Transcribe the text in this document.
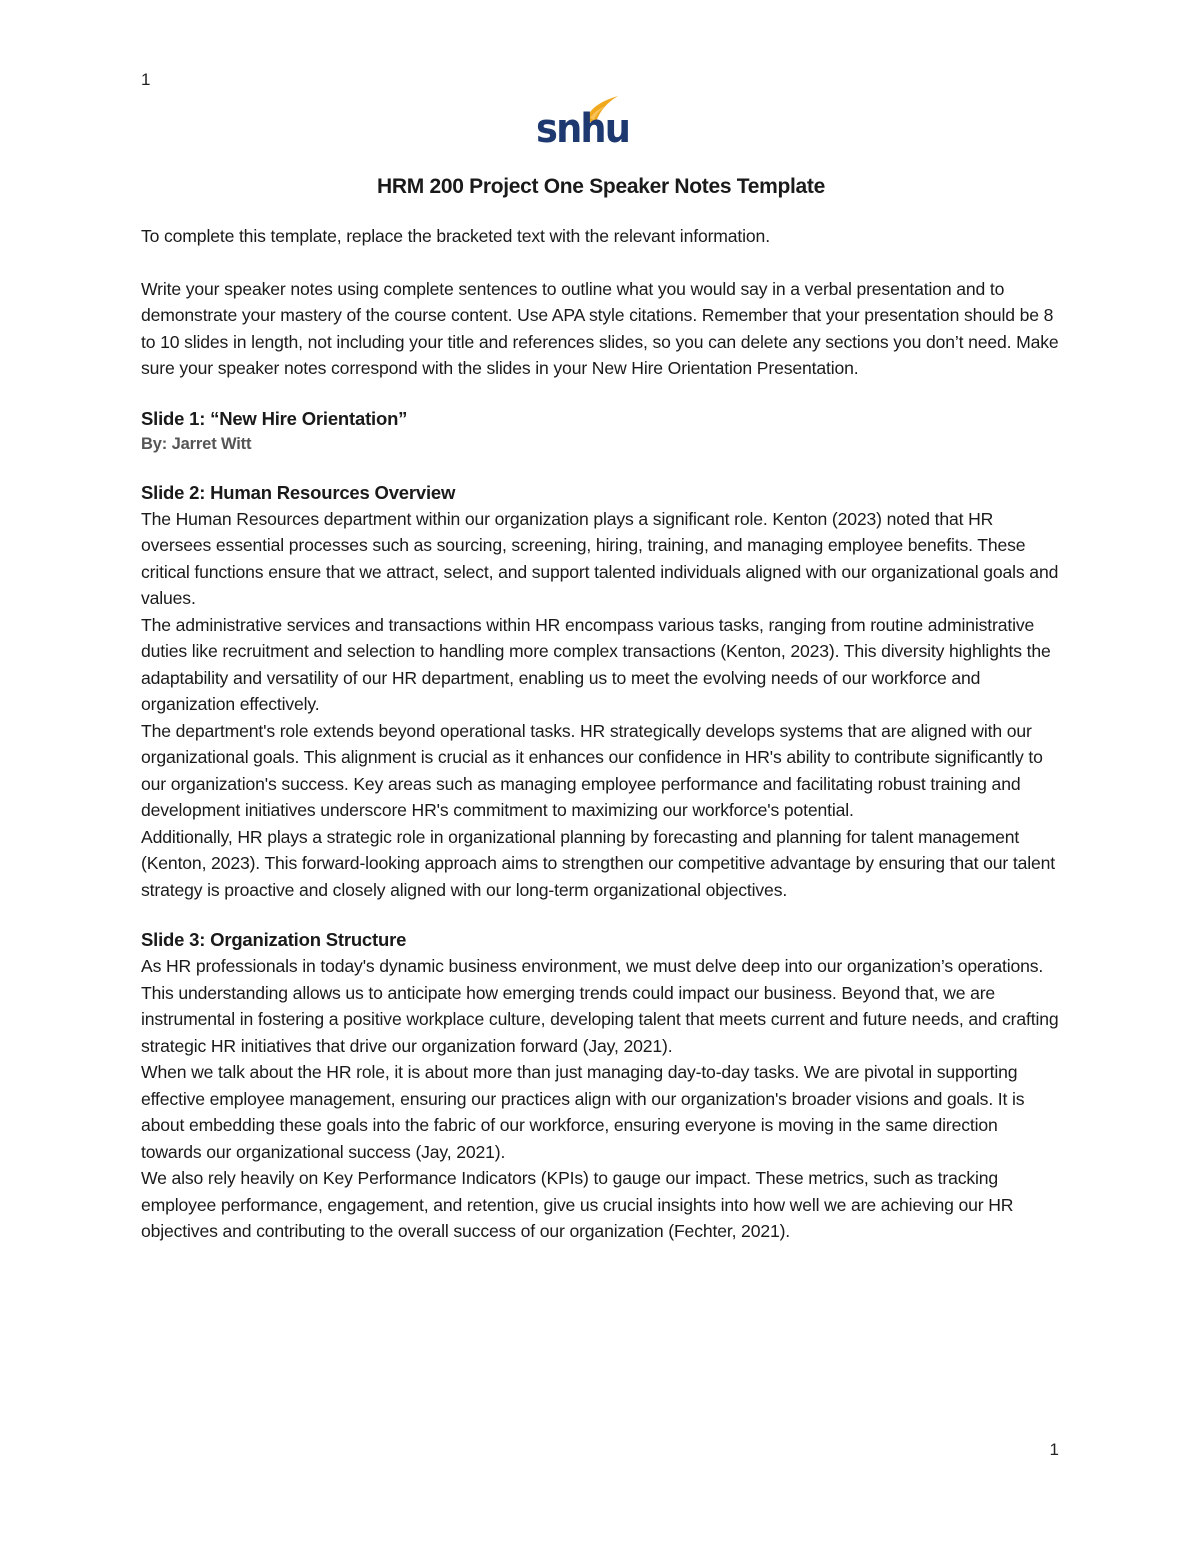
1
snhu
HRM 200 Project One Speaker Notes Template

To complete this template, replace the bracketed text with the relevant information.

Write your speaker notes using complete sentences to outline what you would say in a verbal presentation and to demonstrate your mastery of the course content. Use APA style citations. Remember that your presentation should be 8 to 10 slides in length, not including your title and references slides, so you can delete any sections you don’t need. Make sure your speaker notes correspond with the slides in your New Hire Orientation Presentation.

Slide 1: “New Hire Orientation”

By: Jarret Witt

Slide 2: Human Resources Overview

The Human Resources department within our organization plays a significant role. Kenton (2023) noted that HR oversees essential processes such as sourcing, screening, hiring, training, and managing employee benefits. These critical functions ensure that we attract, select, and support talented individuals aligned with our organizational goals and values.

The administrative services and transactions within HR encompass various tasks, ranging from routine administrative duties like recruitment and selection to handling more complex transactions (Kenton, 2023). This diversity highlights the adaptability and versatility of our HR department, enabling us to meet the evolving needs of our workforce and organization effectively.

The department's role extends beyond operational tasks. HR strategically develops systems that are aligned with our organizational goals. This alignment is crucial as it enhances our confidence in HR's ability to contribute significantly to our organization's success. Key areas such as managing employee performance and facilitating robust training and development initiatives underscore HR's commitment to maximizing our workforce's potential.

Additionally, HR plays a strategic role in organizational planning by forecasting and planning for talent management (Kenton, 2023). This forward-looking approach aims to strengthen our competitive advantage by ensuring that our talent strategy is proactive and closely aligned with our long-term organizational objectives.

Slide 3: Organization Structure

As HR professionals in today's dynamic business environment, we must delve deep into our organization’s operations. This understanding allows us to anticipate how emerging trends could impact our business. Beyond that, we are instrumental in fostering a positive workplace culture, developing talent that meets current and future needs, and crafting strategic HR initiatives that drive our organization forward (Jay, 2021).

When we talk about the HR role, it is about more than just managing day-to-day tasks. We are pivotal in supporting effective employee management, ensuring our practices align with our organization's broader visions and goals. It is about embedding these goals into the fabric of our workforce, ensuring everyone is moving in the same direction towards our organizational success (Jay, 2021).

We also rely heavily on Key Performance Indicators (KPIs) to gauge our impact. These metrics, such as tracking employee performance, engagement, and retention, give us crucial insights into how well we are achieving our HR objectives and contributing to the overall success of our organization (Fechter, 2021).

1
